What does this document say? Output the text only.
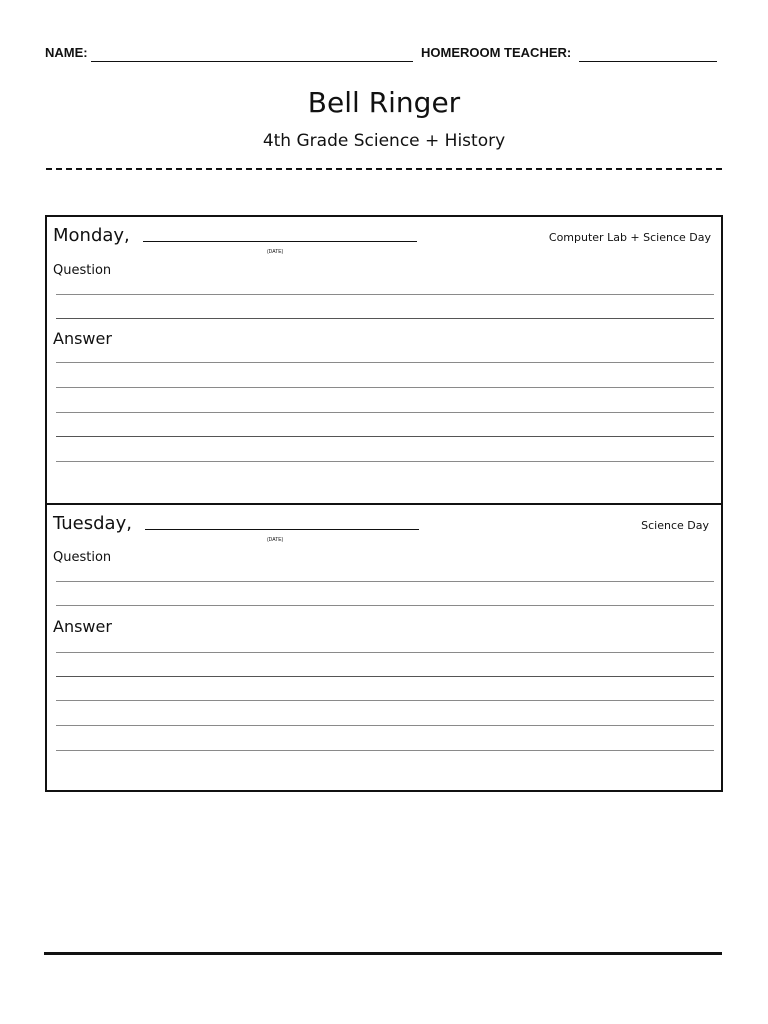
NAME:	HOMEROOM TEACHER:
Bell Ringer
4th Grade Science + History
Monday,
(DATE)
Computer Lab + Science Day
Question
Answer
Tuesday,
(DATE)
Science Day
Question
Answer
